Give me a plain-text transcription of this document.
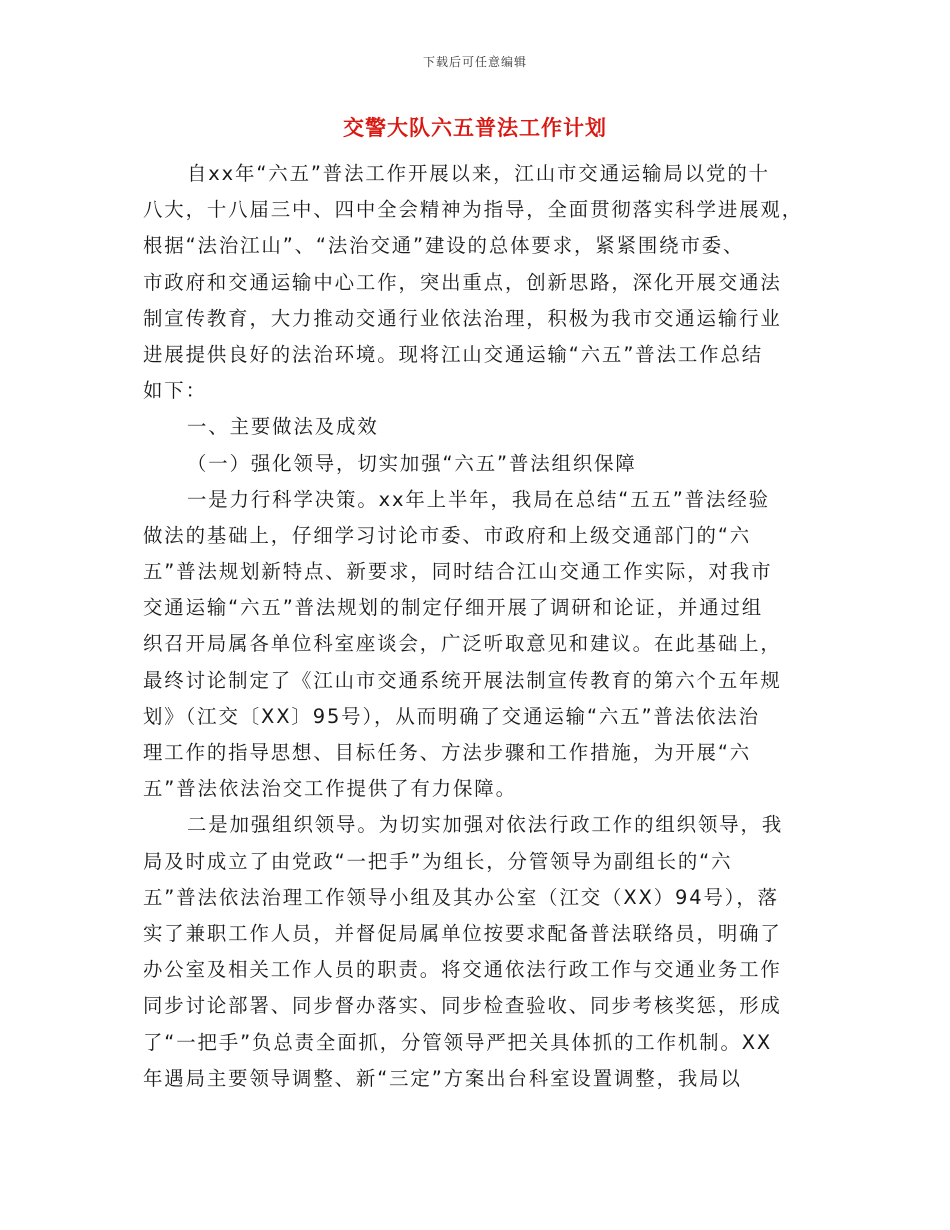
下载后可任意编辑
交警大队六五普法工作计划
自xx年“六五”普法工作开展以来，江山市交通运输局以党的十
八大，十八届三中、四中全会精神为指导，全面贯彻落实科学进展观，
根据“法治江山”、“法治交通”建设的总体要求，紧紧围绕市委、
市政府和交通运输中心工作，突出重点，创新思路，深化开展交通法
制宣传教育，大力推动交通行业依法治理，积极为我市交通运输行业
进展提供良好的法治环境。现将江山交通运输“六五”普法工作总结
如下：
一、主要做法及成效
（一）强化领导，切实加强“六五”普法组织保障
一是力行科学决策。xx年上半年，我局在总结“五五”普法经验
做法的基础上，仔细学习讨论市委、市政府和上级交通部门的“六
五”普法规划新特点、新要求，同时结合江山交通工作实际，对我市
交通运输“六五”普法规划的制定仔细开展了调研和论证，并通过组
织召开局属各单位科室座谈会，广泛听取意见和建议。在此基础上，
最终讨论制定了《江山市交通系统开展法制宣传教育的第六个五年规
划》（江交〔XX〕95号），从而明确了交通运输“六五”普法依法治
理工作的指导思想、目标任务、方法步骤和工作措施，为开展“六
五”普法依法治交工作提供了有力保障。
二是加强组织领导。为切实加强对依法行政工作的组织领导，我
局及时成立了由党政“一把手”为组长，分管领导为副组长的“六
五”普法依法治理工作领导小组及其办公室（江交（XX）94号），落
实了兼职工作人员，并督促局属单位按要求配备普法联络员，明确了
办公室及相关工作人员的职责。将交通依法行政工作与交通业务工作
同步讨论部署、同步督办落实、同步检查验收、同步考核奖惩，形成
了“一把手”负总责全面抓，分管领导严把关具体抓的工作机制。XX
年遇局主要领导调整、新“三定”方案出台科室设置调整，我局以
